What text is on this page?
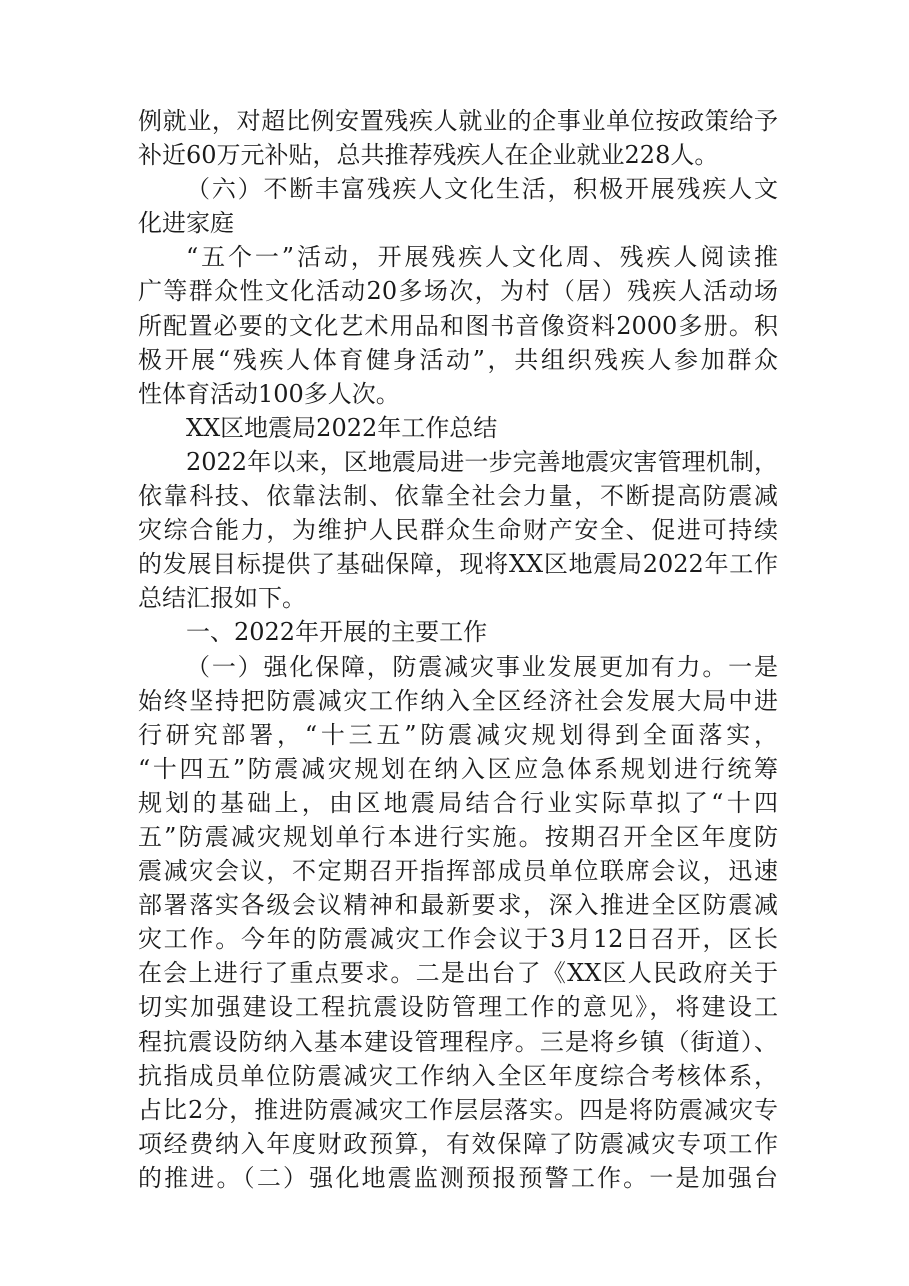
例就业，对超比例安置残疾人就业的企事业单位按政策给予
补近60万元补贴，总共推荐残疾人在企业就业228人。
（六）不断丰富残疾人文化生活，积极开展残疾人文
化进家庭
“五个一”活动，开展残疾人文化周、残疾人阅读推
广等群众性文化活动20多场次，为村（居）残疾人活动场
所配置必要的文化艺术用品和图书音像资料2000多册。积
极开展“残疾人体育健身活动”，共组织残疾人参加群众
性体育活动100多人次。
XX区地震局2022年工作总结
2022年以来，区地震局进一步完善地震灾害管理机制，
依靠科技、依靠法制、依靠全社会力量，不断提高防震减
灾综合能力，为维护人民群众生命财产安全、促进可持续
的发展目标提供了基础保障，现将XX区地震局2022年工作
总结汇报如下。
一、2022年开展的主要工作
（一）强化保障，防震减灾事业发展更加有力。一是
始终坚持把防震减灾工作纳入全区经济社会发展大局中进
行研究部署，“十三五”防震减灾规划得到全面落实，
“十四五”防震减灾规划在纳入区应急体系规划进行统筹
规划的基础上，由区地震局结合行业实际草拟了“十四
五”防震减灾规划单行本进行实施。按期召开全区年度防
震减灾会议，不定期召开指挥部成员单位联席会议，迅速
部署落实各级会议精神和最新要求，深入推进全区防震减
灾工作。今年的防震减灾工作会议于3月12日召开，区长
在会上进行了重点要求。二是出台了《XX区人民政府关于
切实加强建设工程抗震设防管理工作的意见》，将建设工
程抗震设防纳入基本建设管理程序。三是将乡镇（街道）、
抗指成员单位防震减灾工作纳入全区年度综合考核体系，
占比2分，推进防震减灾工作层层落实。四是将防震减灾专
项经费纳入年度财政预算，有效保障了防震减灾专项工作
的推进。（二）强化地震监测预报预警工作。一是加强台
